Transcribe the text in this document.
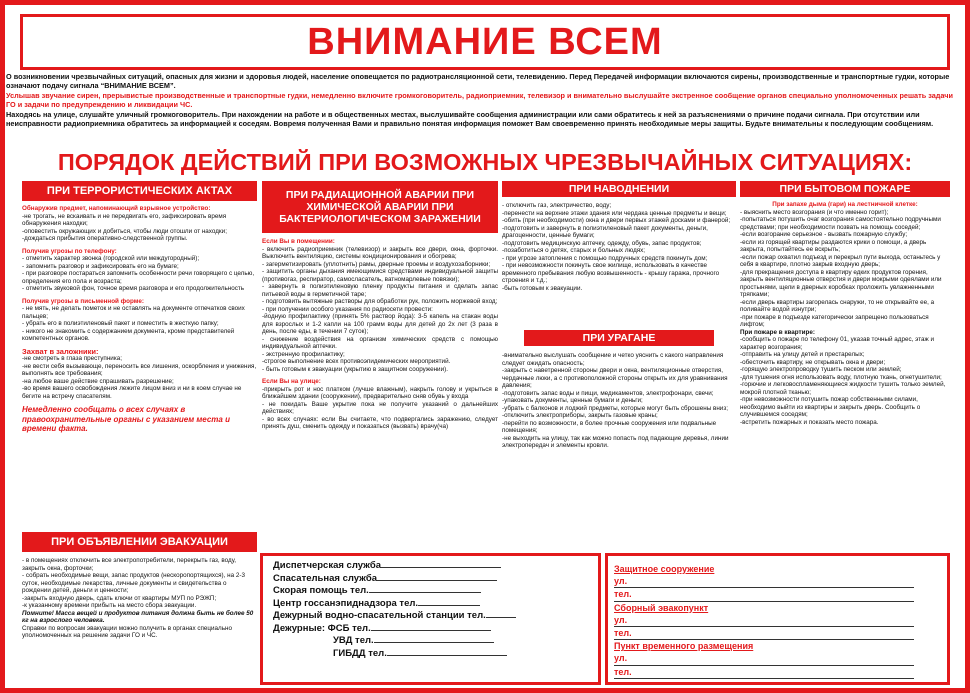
ВНИМАНИЕ ВСЕМ

О возникновении чрезвычайных ситуаций, опасных для жизни и здоровья людей, население оповещается по радиотрансляционной сети, телевидению. Перед Передачей информации включаются сирены, производственные и транспортные гудки, которые означают подачу сигнала “ВНИМАНИЕ ВСЕМ”.

Услышав звучание сирен, прерывистые производственные и транспортные гудки, немедленно включите громкоговоритель, радиоприемник, телевизор и внимательно выслушайте экстренное сообщение органов специально уполномоченных решать задачи ГО и задачи по предупреждению и ликвидации ЧС.

Находясь на улице, слушайте уличный громкоговоритель. При нахождении на работе и в общественных местах, выслушивайте сообщения администрации или сами обратитесь к ней за разъяснениями о причине подачи сигнала. При отсутствии или неисправности радиоприемника обратитесь за информацией к соседям. Вовремя полученная Вами и правильно понятая информация поможет Вам своевременно принять необходимые меры защиты. Будьте внимательны к последующим сообщениям.

ПОРЯДОК ДЕЙСТВИЙ ПРИ ВОЗМОЖНЫХ ЧРЕЗВЫЧАЙНЫХ СИТУАЦИЯХ:
ПРИ ТЕРРОРИСТИЧЕСКИХ АКТАХ

Обнаружив предмет, напоминающий взрывное устройство:

-не трогать, не вскаивать и не передвигать его, зафиксировать время обнаружения находки;
-оповестить окружающих и добиться, чтобы люди отошли от находки;
-дождаться прибытия оперативно-следственной группы.

Получив угрозы по телефону:

- отметить характер звонка (городской или междугородный);
- запомнить разговор и зафиксировать его на бумаге;
- при разговоре постараться запомнить особенности речи говорящего с целью, определения его пола и возраста;
- отметить звуковой фон, точное время разговора и его продолжительность

Получив угрозы в письменной форме:

- не мять, не делать пометок и не оставлять на документе отпечатков своих пальцев;
- убрать его в полиэтиленовый пакет и поместить в жесткую папку;
- никого не знакомить с содержанием документа, кроме представителей компетентных органов.

Захват в заложники:

-не смотреть в глаза преступника;
-не вести себя вызывающе, переносить все лишения, оскорбления и унижения, выполнять все требования;
-на любое ваше действие спрашивать разрешение;
-во время вашего освобождения лежите лицом вниз и ни в коем случае не бегите на встречу спасателям.

Немедленно сообщать о всех случаях в правоохранительные органы с указанием места и времени факта.

ПРИ ОБЪЯВЛЕНИИ ЭВАКУАЦИИ

- в помещениях отключить все электропотребители, перекрыть газ, воду, закрыть окна, форточки;
- собрать необходимые вещи, запас продуктов (нескоропортящихся), на 2-3 суток, необходимые лекарства, личные документы и свидетельства о рождении детей, деньги и ценности;
-закрыть входную дверь, сдать ключи от квартиры МУП по РЭЖП;
-к указанному времени прибыть на место сбора эвакуации.

Помните! Масса вещей и продуктов питания должна быть не более 50 кг на взрослого человека.

Справки по вопросам эвакуации можно получить в органах специально уполномоченных на решение задачи ГО и ЧС.

ПРИ РАДИАЦИОННОЙ АВАРИИ ПРИ ХИМИЧЕСКОЙ АВАРИИ ПРИ БАКТЕРИОЛОГИЧЕСКОМ ЗАРАЖЕНИИ

Если Вы в помещении:

- включить радиоприемник (телевизор) и закрыть все двери, окна, форточки. Выключить вентиляцию, системы кондиционирования и обогрева;
- загерметизировать (уплотнить) рамы, дверные проемы и воздухозаборники;
- защитить органы дыхания имеющимися средствами индивидуальной защиты (противогаз, респиратор, самосласатель, ватномарлевые повязки);
- завернуть в полиэтиленовую пленку продукты питания и сделать запас питьевой воды в герметичной таре;
- подготовить вытяжные растворы для обработки рук, положить моржевой вход;
- при получении особого указания по радиосети провести:
-йодную профилактику (принять 5% раствор йода): 3-5 капель на стакан воды для взрослых и 1-2 капли на 100 грамм воды для детей до 2х лет (3 раза в день, после еды, в течении 7 суток);
- снижение воздействия на организм химических средств с помощью индивидуальной аптечки.
- экстренную профилактику;
-строгое выполнение всех противоэпидемических мероприятий.
- быть готовым к эвакуации (укрытию в защитном сооружении).

Если Вы на улице:

-прикрыть рот и нос платком (лучше влажным), накрыть голову и укрыться в ближайшем здании (сооружении), предварительно сняв обувь у входа
- не покидать Ваше укрытие пока не получите указаний о дальнейших действиях;
- во всех случаях: если Вы считаете, что подвергались заражению, следует принять душ, сменить одежду и показаться (вызвать) врачу(ча)

ПРИ НАВОДНЕНИИ

- отключить газ, электричество, воду;
-перенести на верхние этажи здания или чердака ценные предметы и вещи;
-обить (при необходимости) окна и двери первых этажей досками и фанерой;
-подготовить и завернуть в полиэтиленовый пакет документы, деньги, драгоценности, ценные бумаги;
-подготовить медицинскую аптечку, одежду, обувь, запас продуктов;
-позаботиться о детях, старых и больных людях;
- при угрозе затопления с помощью подручных средств покинуть дом;
- при невозможности покинуть свое жилище, использовать в качестве временного пребывания любую возвышенность - крышу гаража, прочного строения и т.д.;
-быть готовым к эвакуации.

ПРИ УРАГАНЕ

-внимательно выслушать сообщение и четко уяснить с какого направления следует ожидать опасность;
-закрыть с наветренной стороны двери и окна, вентиляционные отверстия, чердачные люки, а с противоположной стороны открыть их для уравнивания давления;
-подготовить запас воды и пищи, медикаментов, электрофонари, свечи;
-упаковать документы, ценные бумаги и деньги;
-убрать с балконов и лоджий предметы, которые могут быть сброшены вниз;
-отключить электроприборы, закрыть газовые краны;
-перейти по возможности, в более прочные сооружения или подвальные помещения;
-не выходить на улицу, так как можно попасть под падающие деревья, линии электропередач и элементы кровли.

ПРИ БЫТОВОМ ПОЖАРЕ

При запахе дыма (гари) на лестничной клетке:

- выяснить место возгорания (и что именно горит);
-попытаться потушить очаг возгорания самостоятельно подручными средствами; при необходимости позвать на помощь соседей;
-если возгорание серьезное - вызвать пожарную службу;
-если из горящей квартиры раздаются крики о помощи, а дверь закрыта, попытайтесь ее вскрыть;
-если пожар охватил подъезд и перекрыл пути выхода, останьтесь у себя в квартире, плотно закрыв входную дверь;
-для прекращения доступа в квартиру едких продуктов горения, закрыть вентиляционные отверстия и двери мокрыми одеялами или простынями, щели в дверных коробках проложить увлажненными тряпками;
-если дверь квартиры загорелась снаружи, то не открывайте ее, а поливайте водой изнутри;
-при пожаре в подъезде категорически запрещено пользоваться лифтом;

При пожаре в квартире:

-сообщить о пожаре по телефону 01, указав точный адрес, этаж и характер возгорания;
-отправить на улицу детей и престарелых;
-обесточить квартиру, не открывать окна и двери;
-горящую электропроводку тушить песком или землей;
-для тушения огня использовать воду, плотную ткань, огнетушители;
-горючие и легковоспламеняющиеся жидкости тушить только землей, мокрой плотной тканью;
-при невозможности потушить пожар собственными силами, необходимо выйти из квартиры и закрыть дверь. Сообщить о случившемся соседям;
-встретить пожарных и показать место пожара.

Диспетчерская служба

Спасательная служба

Скорая помощь тел.

Центр госсанэпиднадзора тел.

Дежурный водно-спасательной станции тел.

Дежурные: ФСБ тел.

УВД тел.

ГИБДД тел.

Защитное сооружение

ул.
тел.

Сборный эвакопункт

ул.
тел.

Пункт временного размещения

ул.
тел.
